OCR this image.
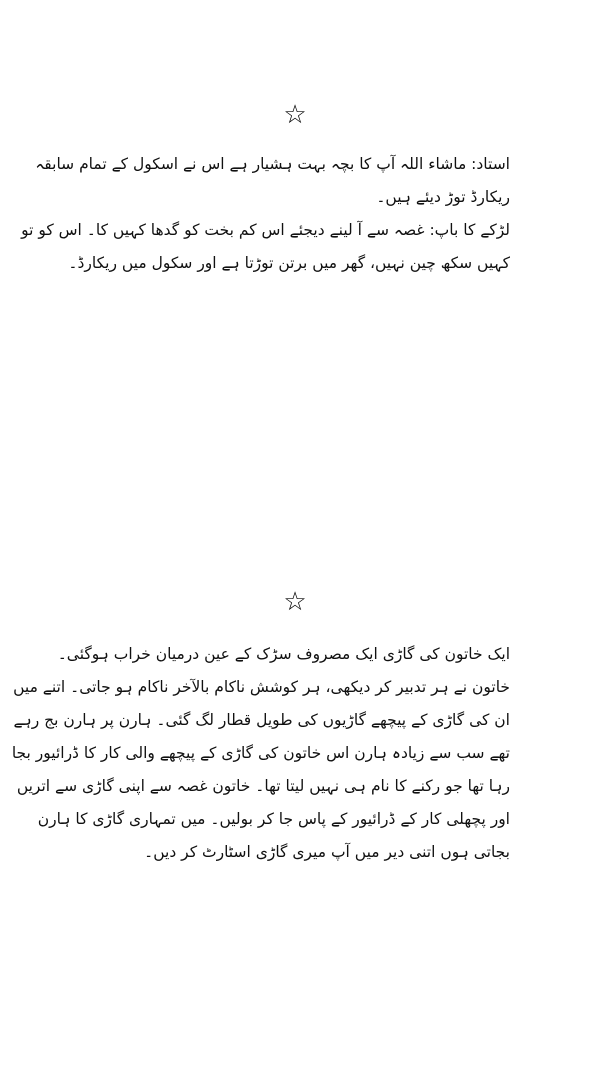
☆
استاد: ماشاء اللہ آپ کا بچہ بہت ہشیار ہے اس نے اسکول کے تمام سابقہ
ریکارڈ توڑ دیئے ہیں۔
لڑکے کا باپ: غصہ سے آ لینے دیجئے اس کم بخت کو گدھا کہیں کا۔ اس کو تو
کہیں سکھ چین نہیں، گھر میں برتن توڑتا ہے اور سکول میں ریکارڈ۔
☆
ایک خاتون کی گاڑی ایک مصروف سڑک کے عین درمیان خراب ہوگئی۔
خاتون نے ہر تدبیر کر دیکھی، ہر کوشش ناکام بالآخر ناکام ہو جاتی۔ اتنے میں
ان کی گاڑی کے پیچھے گاڑیوں کی طویل قطار لگ گئی۔ ہارن پر ہارن بج رہے
تھے سب سے زیادہ ہارن اس خاتون کی گاڑی کے پیچھے والی کار کا ڈرائیور بجا
رہا تھا جو رکنے کا نام ہی نہیں لیتا تھا۔ خاتون غصہ سے اپنی گاڑی سے اتریں
اور پچھلی کار کے ڈرائیور کے پاس جا کر بولیں۔ میں تمہاری گاڑی کا ہارن
بجاتی ہوں اتنی دیر میں آپ میری گاڑی اسٹارٹ کر دیں۔
